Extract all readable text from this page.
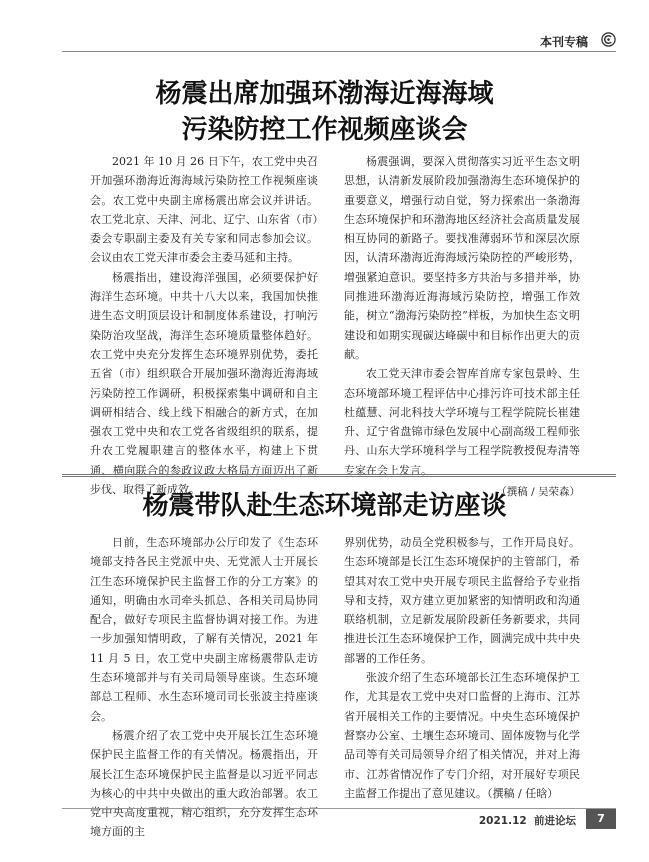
本刊专稿
杨震出席加强环渤海近海海域
污染防控工作视频座谈会

2021 年 10 月 26 日下午，农工党中央召开加强环渤海近海海域污染防控工作视频座谈会。农工党中央副主席杨震出席会议并讲话。农工党北京、天津、河北、辽宁、山东省（市）委会专职副主委及有关专家和同志参加会议。会议由农工党天津市委会主委马延和主持。

杨震指出，建设海洋强国，必须要保护好海洋生态环境。中共十八大以来，我国加快推进生态文明顶层设计和制度体系建设，打响污染防治攻坚战，海洋生态环境质量整体趋好。农工党中央充分发挥生态环境界别优势，委托五省（市）组织联合开展加强环渤海近海海域污染防控工作调研，积极探索集中调研和自主调研相结合、线上线下相融合的新方式，在加强农工党中央和农工党各省级组织的联系，提升农工党履职建言的整体水平，构建上下贯通、横向联合的参政议政大格局方面迈出了新步伐、取得了新成效。

杨震强调，要深入贯彻落实习近平生态文明思想，认清新发展阶段加强渤海生态环境保护的重要意义，增强行动自觉，努力探索出一条渤海生态环境保护和环渤海地区经济社会高质量发展相互协同的新路子。要找准薄弱环节和深层次原因，认清环渤海近海海域污染防控的严峻形势，增强紧迫意识。要坚持多方共治与多措并举，协同推进环渤海近海海域污染防控，增强工作效能，树立“渤海污染防控”样板，为加快生态文明建设和如期实现碳达峰碳中和目标作出更大的贡献。

农工党天津市委会智库首席专家包景岭、生态环境部环境工程评估中心排污许可技术部主任杜蕴慧、河北科技大学环境与工程学院院长崔建升、辽宁省盘锦市绿色发展中心副高级工程师张丹、山东大学环境科学与工程学院教授倪寿清等专家在会上发言。

（撰稿 / 吴荣森）

杨震带队赴生态环境部走访座谈

日前，生态环境部办公厅印发了《生态环境部支持各民主党派中央、无党派人士开展长江生态环境保护民主监督工作的分工方案》的通知，明确由水司牵头抓总、各相关司局协同配合，做好专项民主监督协调对接工作。为进一步加强知情明政，了解有关情况，2021 年 11 月 5 日，农工党中央副主席杨震带队走访生态环境部并与有关司局领导座谈。生态环境部总工程师、水生态环境司司长张波主持座谈会。

杨震介绍了农工党中央开展长江生态环境保护民主监督工作的有关情况。杨震指出，开展长江生态环境保护民主监督是以习近平同志为核心的中共中央做出的重大政治部署。农工党中央高度重视，精心组织，充分发挥生态环境方面的主

界别优势，动员全党积极参与，工作开局良好。生态环境部是长江生态环境保护的主管部门，希望其对农工党中央开展专项民主监督给予专业指导和支持，双方建立更加紧密的知情明政和沟通联络机制，立足新发展阶段新任务新要求，共同推进长江生态环境保护工作，圆满完成中共中央部署的工作任务。

张波介绍了生态环境部长江生态环境保护工作，尤其是农工党中央对口监督的上海市、江苏省开展相关工作的主要情况。中央生态环境保护督察办公室、土壤生态环境司、固体废物与化学品司等有关司局领导介绍了相关情况，并对上海市、江苏省情况作了专门介绍，对开展好专项民主监督工作提出了意见建议。（撰稿 / 任晗）

2021.12 前进论坛	7
